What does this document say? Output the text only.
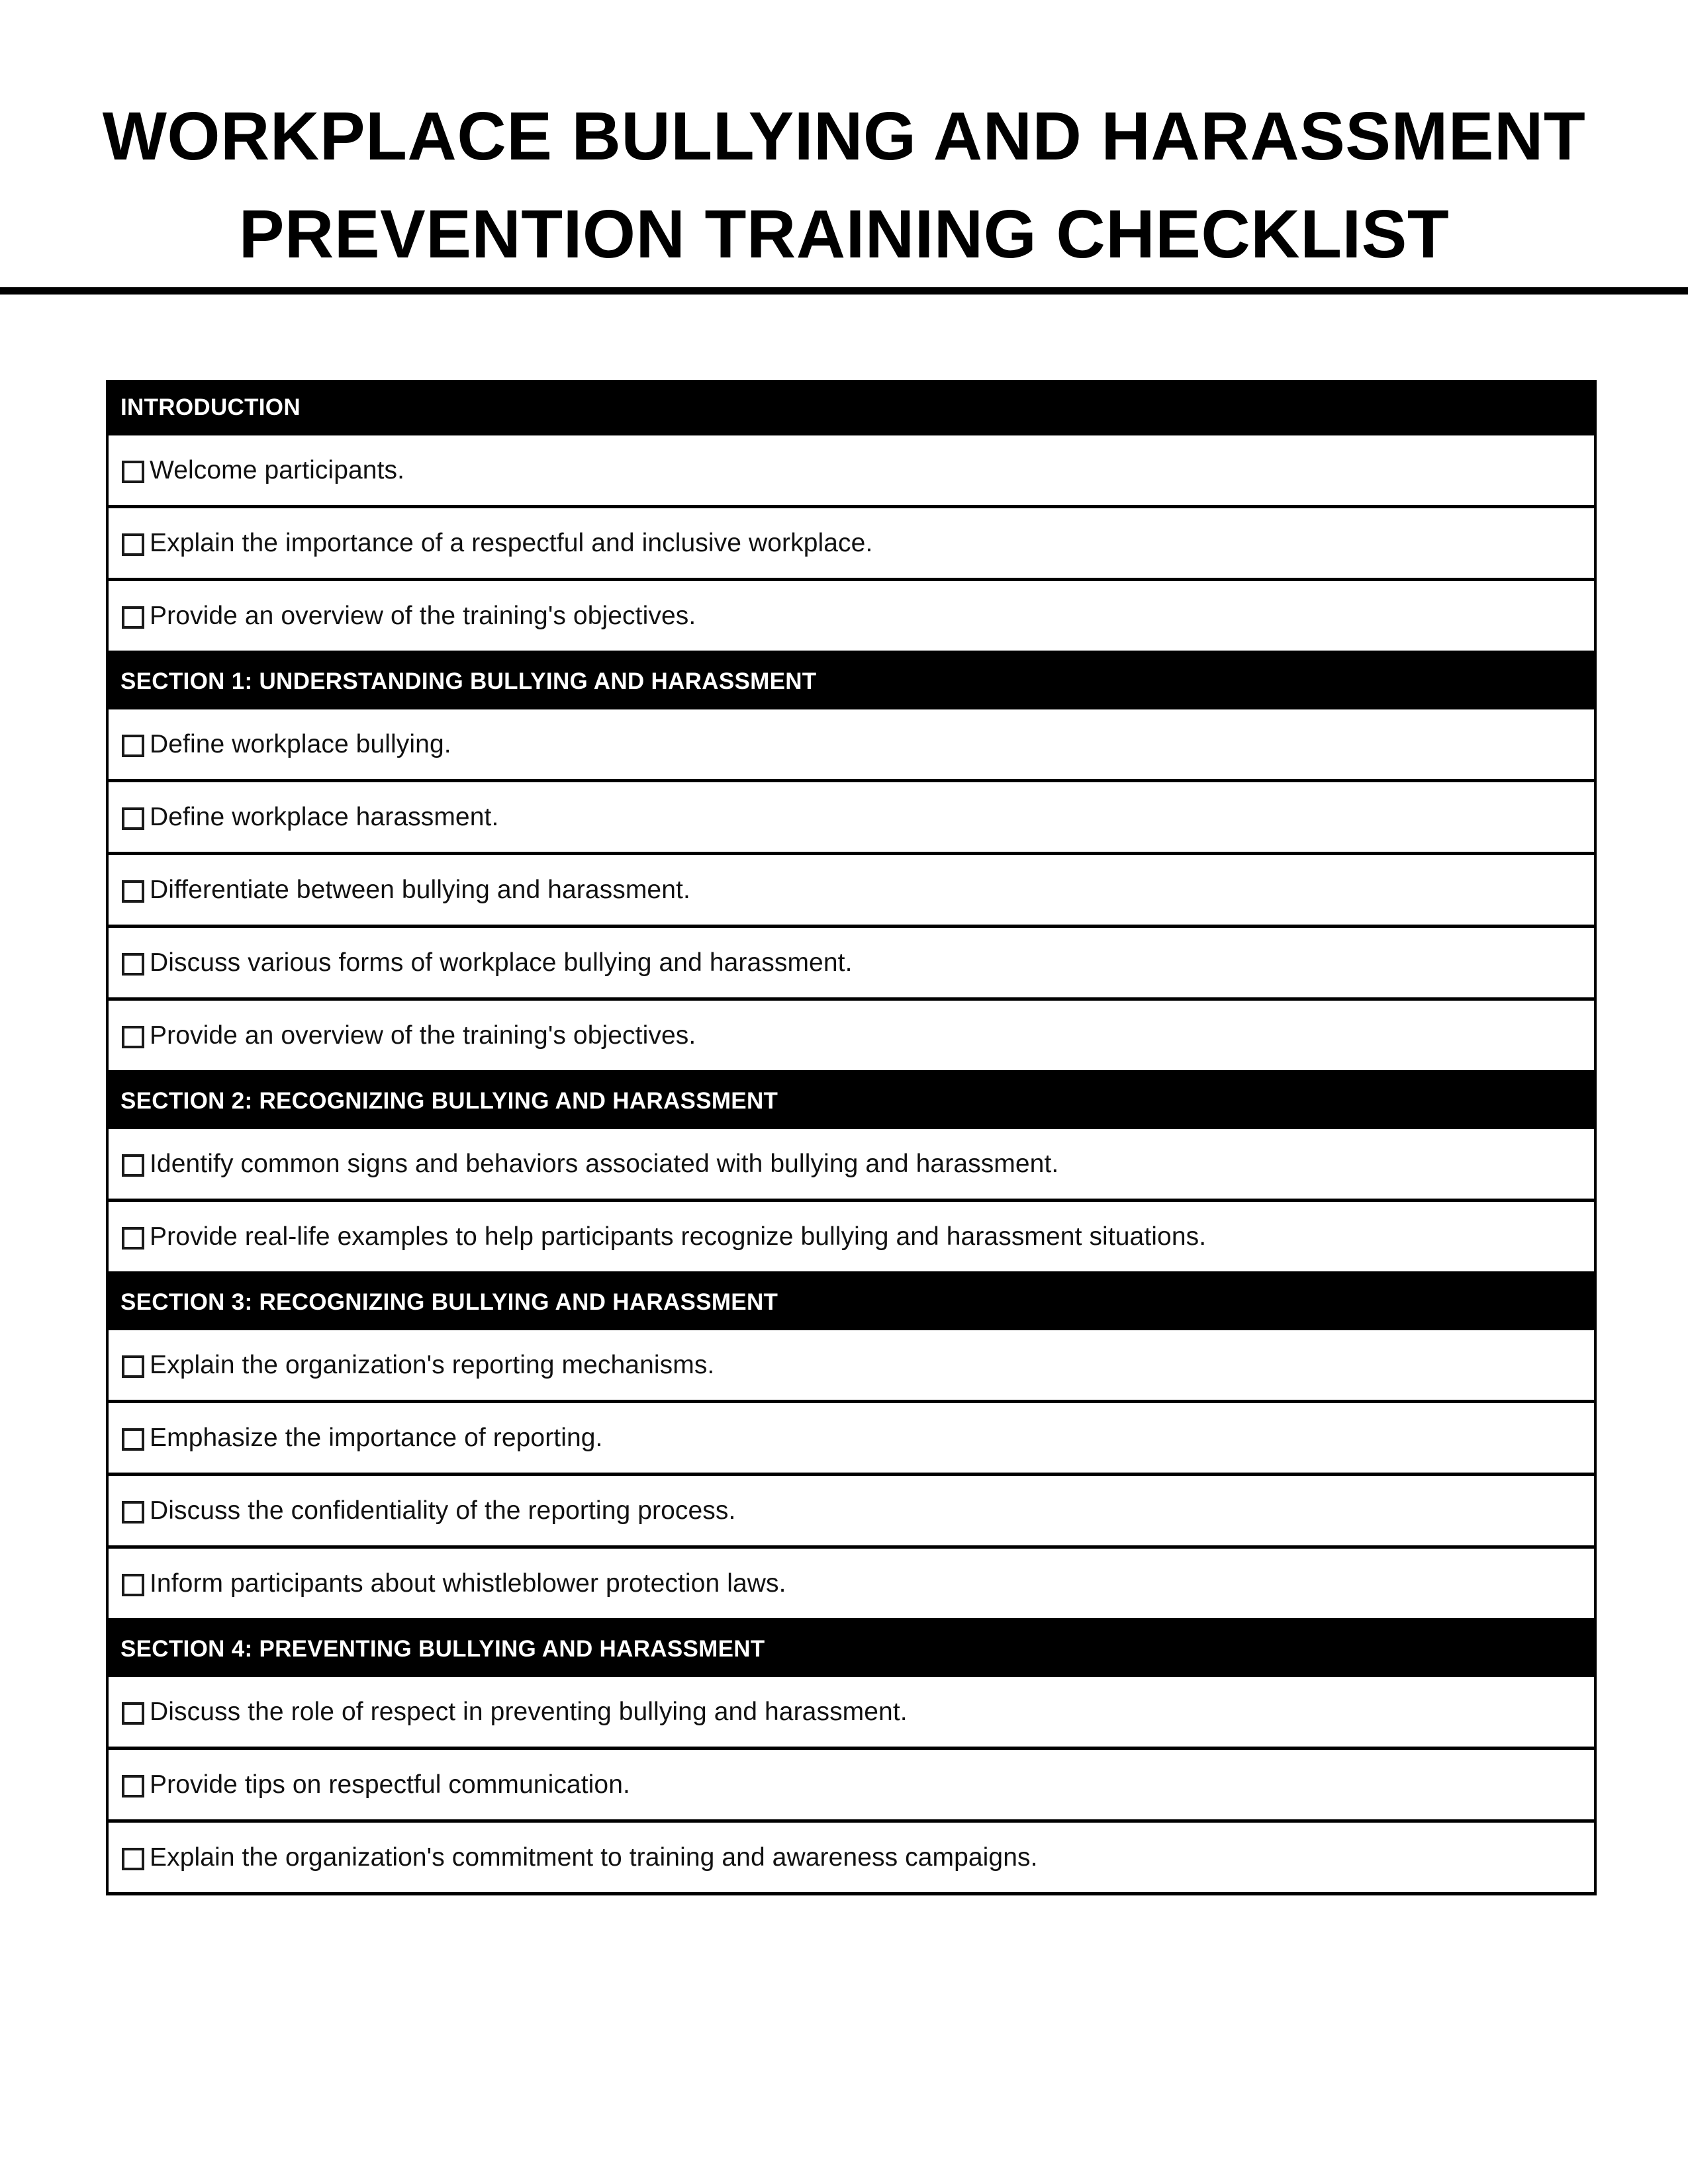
WORKPLACE BULLYING AND HARASSMENT
PREVENTION TRAINING CHECKLIST
INTRODUCTION
Welcome participants.
Explain the importance of a respectful and inclusive workplace.
Provide an overview of the training's objectives.
SECTION 1: UNDERSTANDING BULLYING AND HARASSMENT
Define workplace bullying.
Define workplace harassment.
Differentiate between bullying and harassment.
Discuss various forms of workplace bullying and harassment.
Provide an overview of the training's objectives.
SECTION 2: RECOGNIZING BULLYING AND HARASSMENT
Identify common signs and behaviors associated with bullying and harassment.
Provide real-life examples to help participants recognize bullying and harassment situations.
SECTION 3: RECOGNIZING BULLYING AND HARASSMENT
Explain the organization's reporting mechanisms.
Emphasize the importance of reporting.
Discuss the confidentiality of the reporting process.
Inform participants about whistleblower protection laws.
SECTION 4: PREVENTING BULLYING AND HARASSMENT
Discuss the role of respect in preventing bullying and harassment.
Provide tips on respectful communication.
Explain the organization's commitment to training and awareness campaigns.
